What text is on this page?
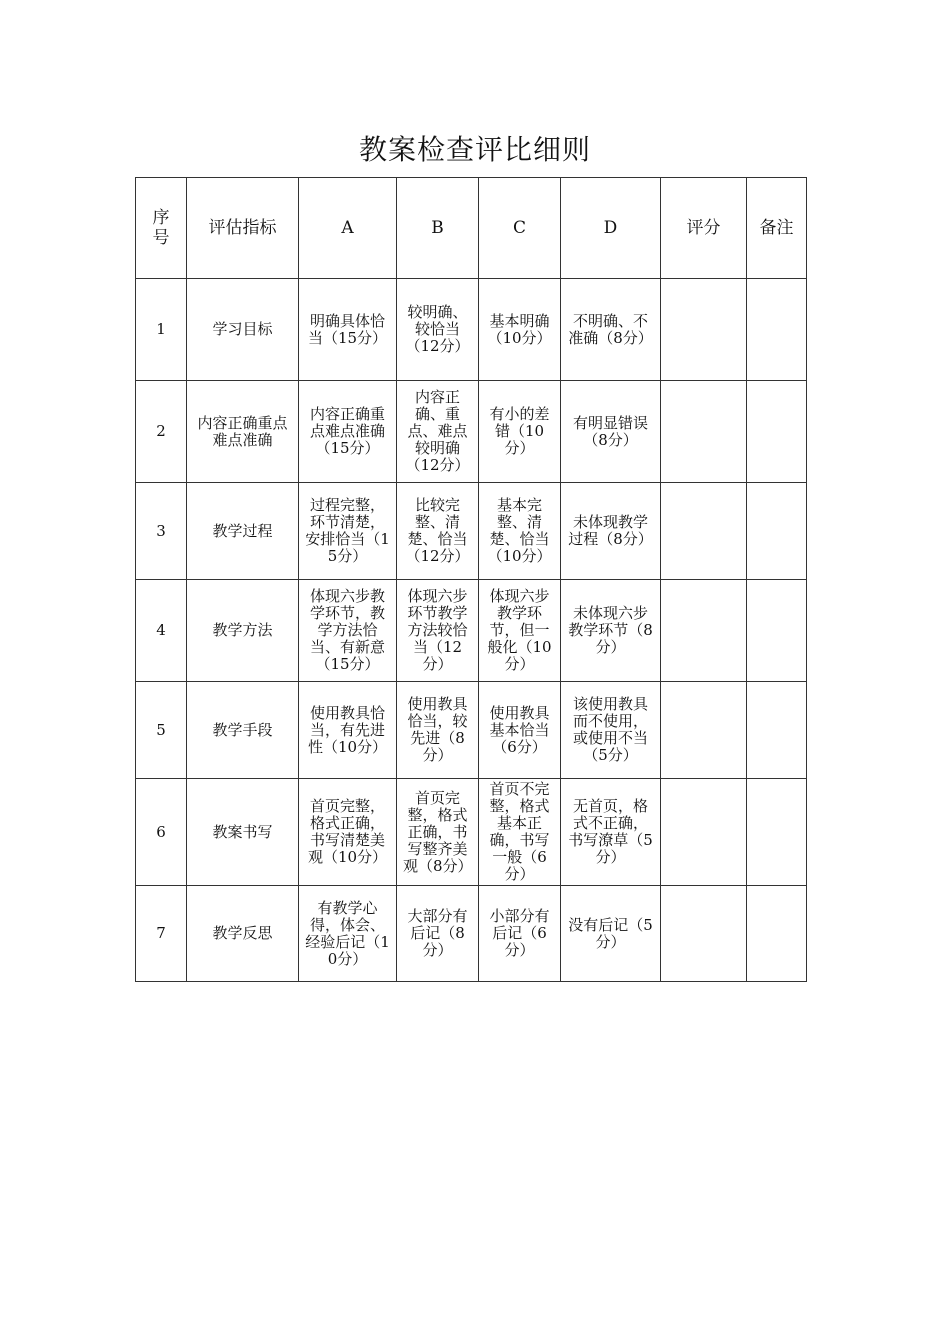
教案检查评比细则
序号	评估指标	A	B	C	D	评分	备注
1	学习目标	明确具体恰当（15分）	较明确、较恰当（12分）	基本明确（10分）	不明确、不准确（8分）		
2	内容正确重点难点准确	内容正确重点难点准确（15分）	内容正确、重点、难点较明确（12分）	有小的差错（10分）	有明显错误（8分）		
3	教学过程	过程完整，环节清楚，安排恰当（15分）	比较完整、清楚、恰当（12分）	基本完整、清楚、恰当（10分）	未体现教学过程（8分）		
4	教学方法	体现六步教学环节，教学方法恰当、有新意（15分）	体现六步环节教学方法较恰当（12分）	体现六步教学环节，但一般化（10分）	未体现六步教学环节（8分）		
5	教学手段	使用教具恰当，有先进性（10分）	使用教具恰当，较先进（8分）	使用教具基本恰当（6分）	该使用教具而不使用，或使用不当（5分）		
6	教案书写	首页完整，格式正确，书写清楚美观（10分）	首页完整，格式正确，书写整齐美观（8分）	首页不完整，格式基本正确，书写一般（6分）	无首页，格式不正确，书写潦草（5分）		
7	教学反思	有教学心得，体会、经验后记（10分）	大部分有后记（8分）	小部分有后记（6分）	没有后记（5分）		
